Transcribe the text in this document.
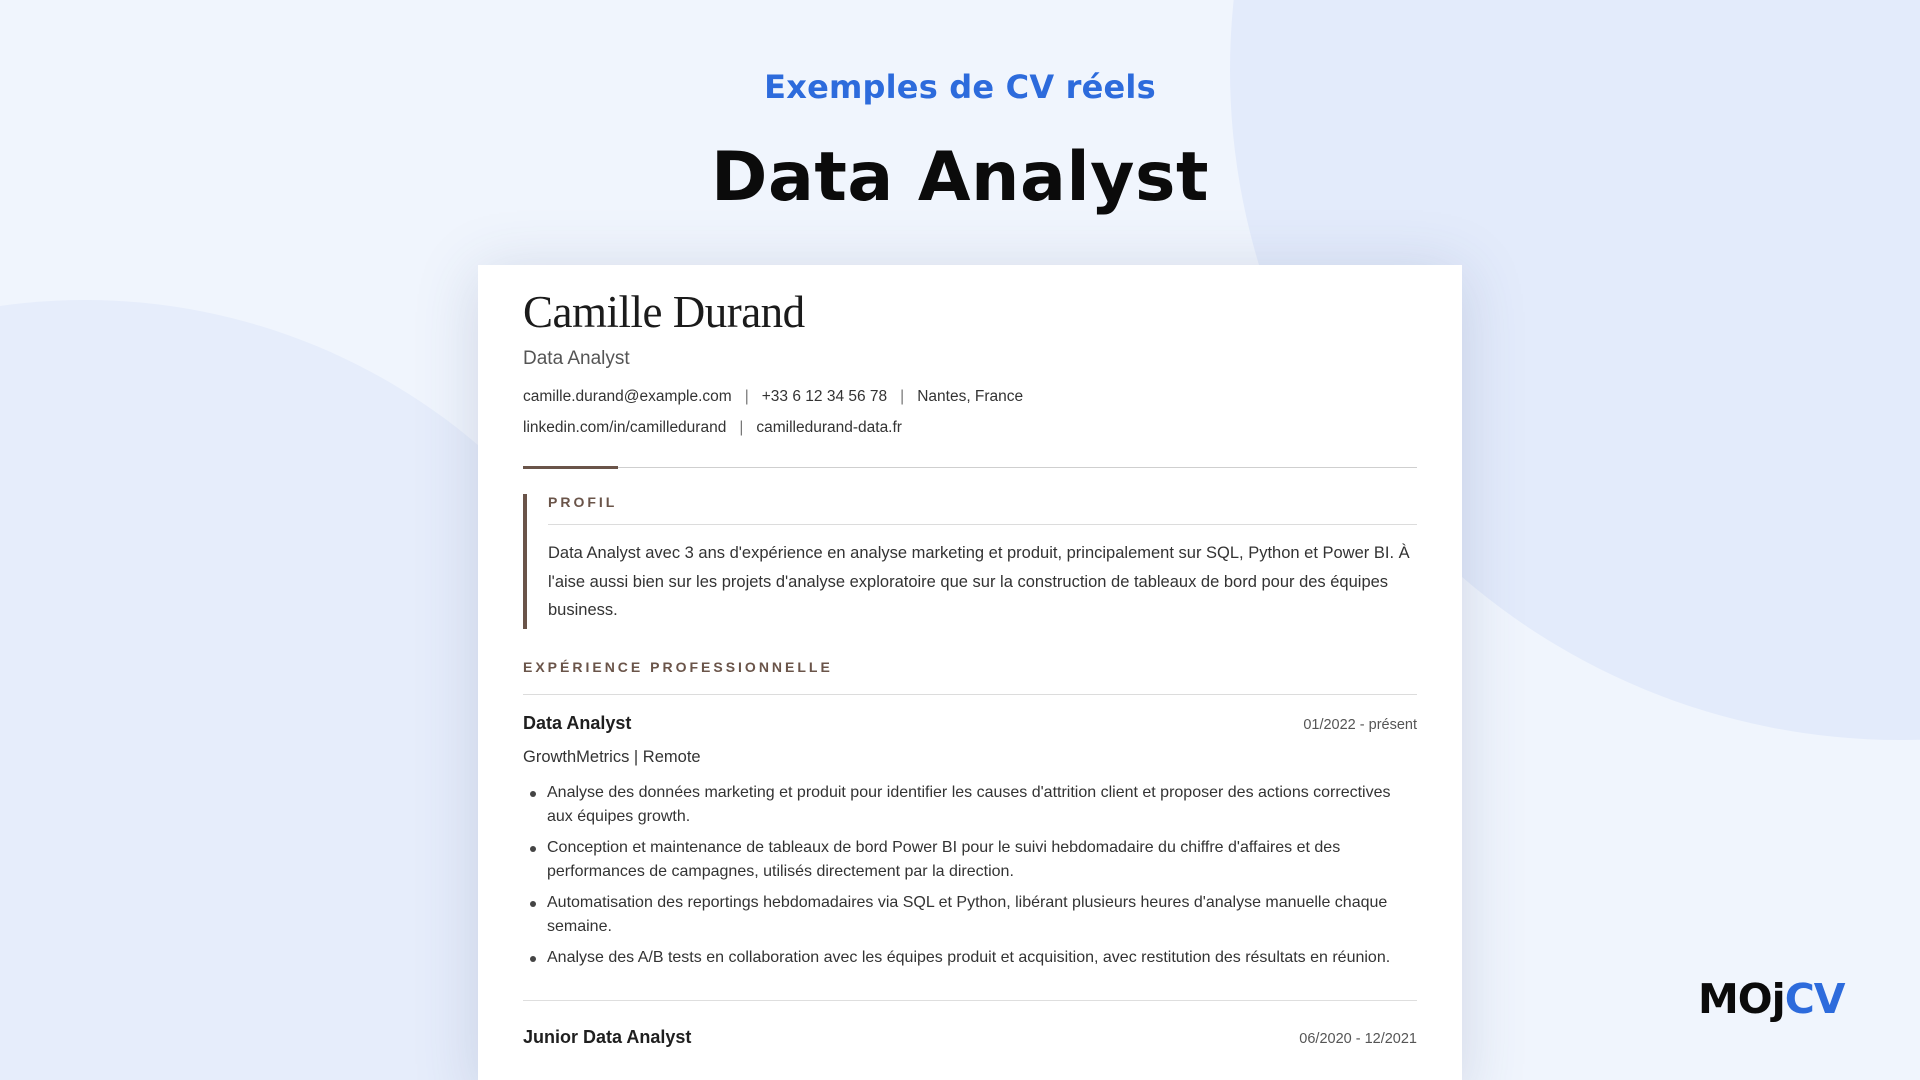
Exemples de CV réels
Data Analyst
Camille Durand
Data Analyst
camille.durand@example.com | +33 6 12 34 56 78 | Nantes, France
linkedin.com/in/camilledurand | camilledurand-data.fr
PROFIL

Data Analyst avec 3 ans d'expérience en analyse marketing et produit, principalement sur SQL, Python et Power BI. À l'aise aussi bien sur les projets d'analyse exploratoire que sur la construction de tableaux de bord pour des équipes business.

EXPÉRIENCE PROFESSIONNELLE
Data Analyst	01/2022 - présent
GrowthMetrics | Remote
Analyse des données marketing et produit pour identifier les causes d'attrition client et proposer des actions correctives aux équipes growth.
Conception et maintenance de tableaux de bord Power BI pour le suivi hebdomadaire du chiffre d'affaires et des performances de campagnes, utilisés directement par la direction.
Automatisation des reportings hebdomadaires via SQL et Python, libérant plusieurs heures d'analyse manuelle chaque semaine.
Analyse des A/B tests en collaboration avec les équipes produit et acquisition, avec restitution des résultats en réunion.
Junior Data Analyst	06/2020 - 12/2021
MOjCV
